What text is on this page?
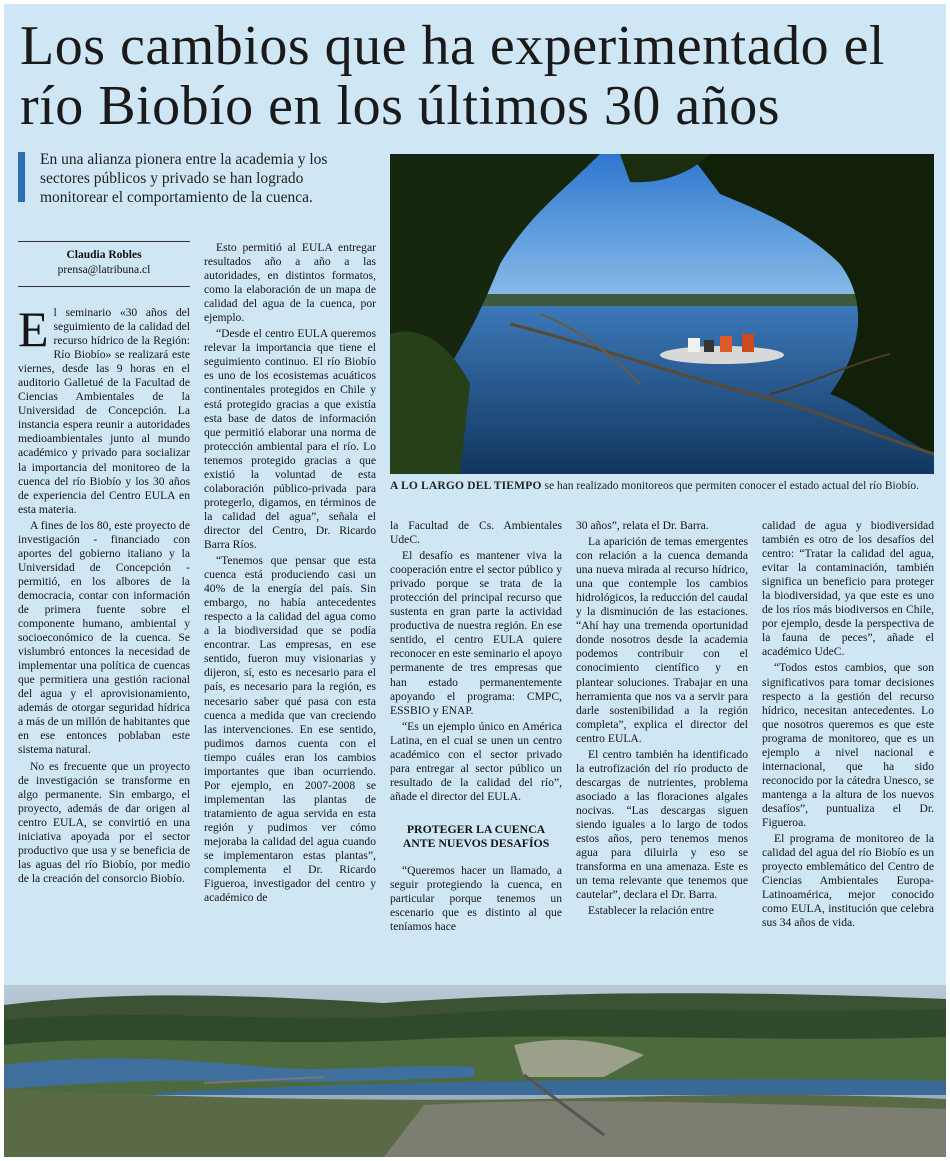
Los cambios que ha experimentado el río Biobío en los últimos 30 años
En una alianza pionera entre la academia y los sectores públicos y privado se han logrado monitorear el comportamiento de la cuenca.
A LO LARGO DEL TIEMPO se han realizado monitoreos que permiten conocer el estado actual del río Biobío.
Claudia Robles
prensa@latribuna.cl

El seminario «30 años del seguimiento de la calidad del recurso hídrico de la Región: Río Biobío» se realizará este viernes, desde las 9 horas en el auditorio Galletué de la Facultad de Ciencias Ambientales de la Universidad de Concepción. La instancia espera reunir a autoridades medioambientales junto al mundo académico y privado para socializar la importancia del monitoreo de la cuenca del río Biobío y los 30 años de experiencia del Centro EULA en esta materia.

A fines de los 80, este proyecto de investigación - financiado con aportes del gobierno italiano y la Universidad de Concepción - permitió, en los albores de la democracia, contar con información de primera fuente sobre el componente humano, ambiental y socioeconómico de la cuenca. Se vislumbró entonces la necesidad de implementar una política de cuencas que permitiera una gestión racional del agua y el aprovisionamiento, además de otorgar seguridad hídrica a más de un millón de habitantes que en ese entonces poblaban este sistema natural.

No es frecuente que un proyecto de investigación se transforme en algo permanente. Sin embargo, el proyecto, además de dar origen al centro EULA, se convirtió en una iniciativa apoyada por el sector productivo que usa y se beneficia de las aguas del río Biobío, por medio de la creación del consorcio Biobío.

Esto permitió al EULA entregar resultados año a año a las autoridades, en distintos formatos, como la elaboración de un mapa de calidad del agua de la cuenca, por ejemplo.

“Desde el centro EULA queremos relevar la importancia que tiene el seguimiento continuo. El río Biobío es uno de los ecosistemas acuáticos continentales protegidos en Chile y está protegido gracias a que existía esta base de datos de información que permitió elaborar una norma de protección ambiental para el río. Lo tenemos protegido gracias a que existió la voluntad de esta colaboración público-privada para protegerlo, digamos, en términos de la calidad del agua”, señala el director del Centro, Dr. Ricardo Barra Ríos.

“Tenemos que pensar que esta cuenca está produciendo casi un 40% de la energía del país. Sin embargo, no había antecedentes respecto a la calidad del agua como a la biodiversidad que se podía encontrar. Las empresas, en ese sentido, fueron muy visionarias y dijeron, sí, esto es necesario para el país, es necesario para la región, es necesario saber qué pasa con esta cuenca a medida que van creciendo las intervenciones. En ese sentido, pudimos darnos cuenta con el tiempo cuáles eran los cambios importantes que iban ocurriendo. Por ejemplo, en 2007-2008 se implementan las plantas de tratamiento de agua servida en esta región y pudimos ver cómo mejoraba la calidad del agua cuando se implementaron estas plantas”, complementa el Dr. Ricardo Figueroa, investigador del centro y académico de

la Facultad de Cs. Ambientales UdeC.

El desafío es mantener viva la cooperación entre el sector público y privado porque se trata de la protección del principal recurso que sustenta en gran parte la actividad productiva de nuestra región. En ese sentido, el centro EULA quiere reconocer en este seminario el apoyo permanente de tres empresas que han estado permanentemente apoyando el programa: CMPC, ESSBIO y ENAP.

“Es un ejemplo único en América Latina, en el cual se unen un centro académico con el sector privado para entregar al sector público un resultado de la calidad del río”, añade el director del EULA.

PROTEGER LA CUENCA ANTE NUEVOS DESAFÍOS

“Queremos hacer un llamado, a seguir protegiendo la cuenca, en particular porque tenemos un escenario que es distinto al que teníamos hace

30 años”, relata el Dr. Barra.

La aparición de temas emergentes con relación a la cuenca demanda una nueva mirada al recurso hídrico, una que contemple los cambios hidrológicos, la reducción del caudal y la disminución de las estaciones. “Ahí hay una tremenda oportunidad donde nosotros desde la academia podemos contribuir con el conocimiento científico y en plantear soluciones. Trabajar en una herramienta que nos va a servir para darle sostenibilidad a la región completa”, explica el director del centro EULA.

El centro también ha identificado la eutrofización del río producto de descargas de nutrientes, problema asociado a las floraciones algales nocivas. “Las descargas siguen siendo iguales a lo largo de todos estos años, pero tenemos menos agua para diluirla y eso se transforma en una amenaza. Este es un tema relevante que tenemos que cautelar”, declara el Dr. Barra.

Establecer la relación entre

calidad de agua y biodiversidad también es otro de los desafíos del centro: “Tratar la calidad del agua, evitar la contaminación, también significa un beneficio para proteger la biodiversidad, ya que este es uno de los ríos más biodiversos en Chile, por ejemplo, desde la perspectiva de la fauna de peces”, añade el académico UdeC.

“Todos estos cambios, que son significativos para tomar decisiones respecto a la gestión del recurso hídrico, necesitan antecedentes. Lo que nosotros queremos es que este programa de monitoreo, que es un ejemplo a nivel nacional e internacional, que ha sido reconocido por la cátedra Unesco, se mantenga a la altura de los nuevos desafíos”, puntualiza el Dr. Figueroa.

El programa de monitoreo de la calidad del agua del río Biobío es un proyecto emblemático del Centro de Ciencias Ambientales Europa-Latinoamérica, mejor conocido como EULA, institución que celebra sus 34 años de vida.
